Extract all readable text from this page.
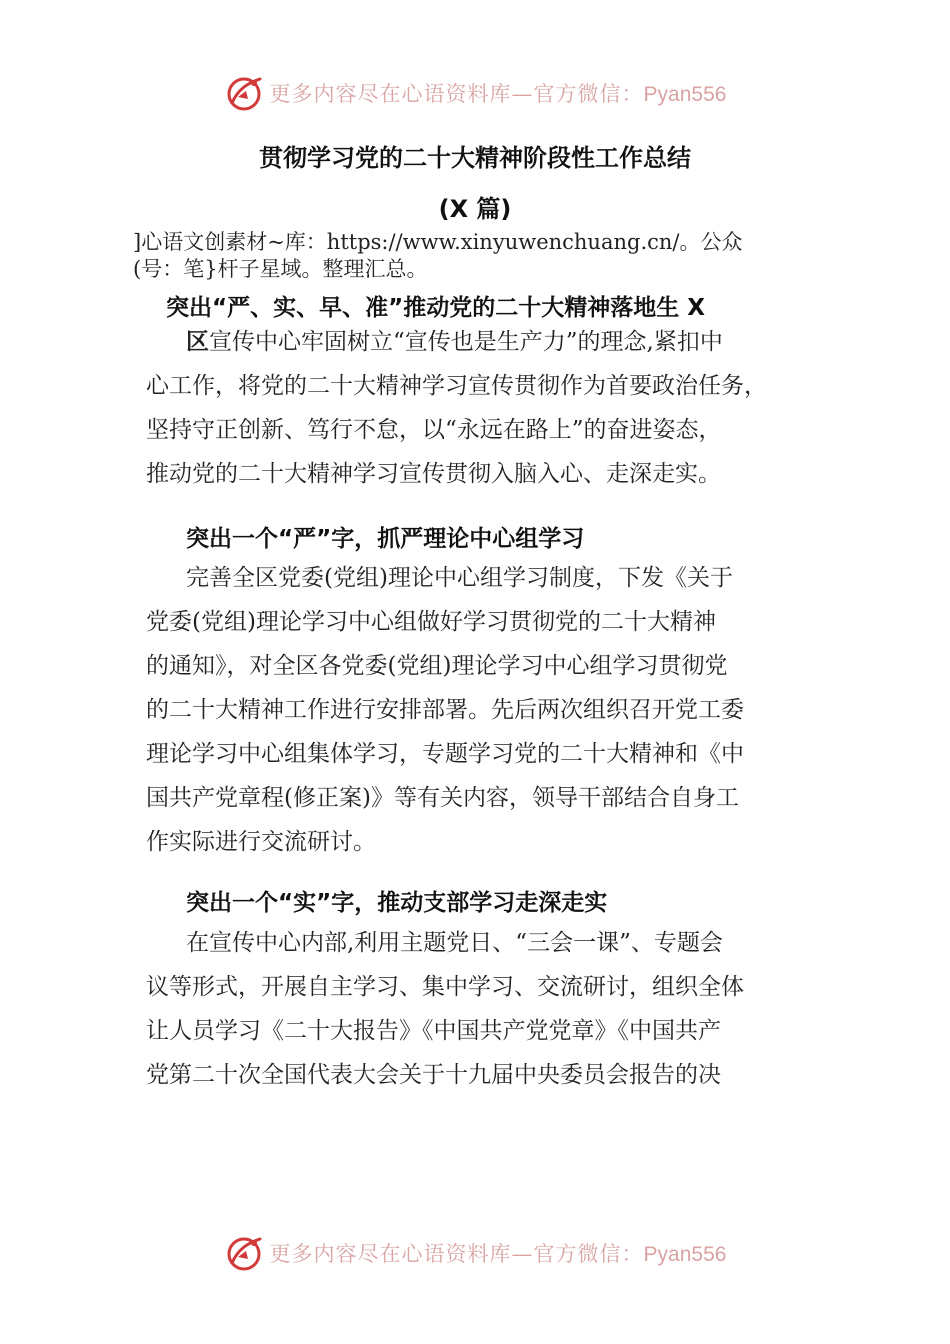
更多内容尽在心语资料库—官方微信：Pyan556
贯彻学习党的二十大精神阶段性工作总结
(X 篇)
]心语文创素材~库：https://www.xinyuwenchuang.cn/。公众
(号：笔}杆子星域。整理汇总。
突出“严、实、早、准”推动党的二十大精神落地生 X
区宣传中心牢固树立“宣传也是生产力”的理念,紧扣中
心工作，将党的二十大精神学习宣传贯彻作为首要政治任务，
坚持守正创新、笃行不怠，以“永远在路上”的奋进姿态，
推动党的二十大精神学习宣传贯彻入脑入心、走深走实。
突出一个“严”字，抓严理论中心组学习
完善全区党委(党组)理论中心组学习制度，下发《关于
党委(党组)理论学习中心组做好学习贯彻党的二十大精神
的通知》，对全区各党委(党组)理论学习中心组学习贯彻党
的二十大精神工作进行安排部署。先后两次组织召开党工委
理论学习中心组集体学习，专题学习党的二十大精神和《中
国共产党章程(修正案)》等有关内容，领导干部结合自身工
作实际进行交流研讨。
突出一个“实”字，推动支部学习走深走实
在宣传中心内部,利用主题党日、“三会一课”、专题会
议等形式，开展自主学习、集中学习、交流研讨，组织全体
让人员学习《二十大报告》《中国共产党党章》《中国共产
党第二十次全国代表大会关于十九届中央委员会报告的决
更多内容尽在心语资料库—官方微信：Pyan556
